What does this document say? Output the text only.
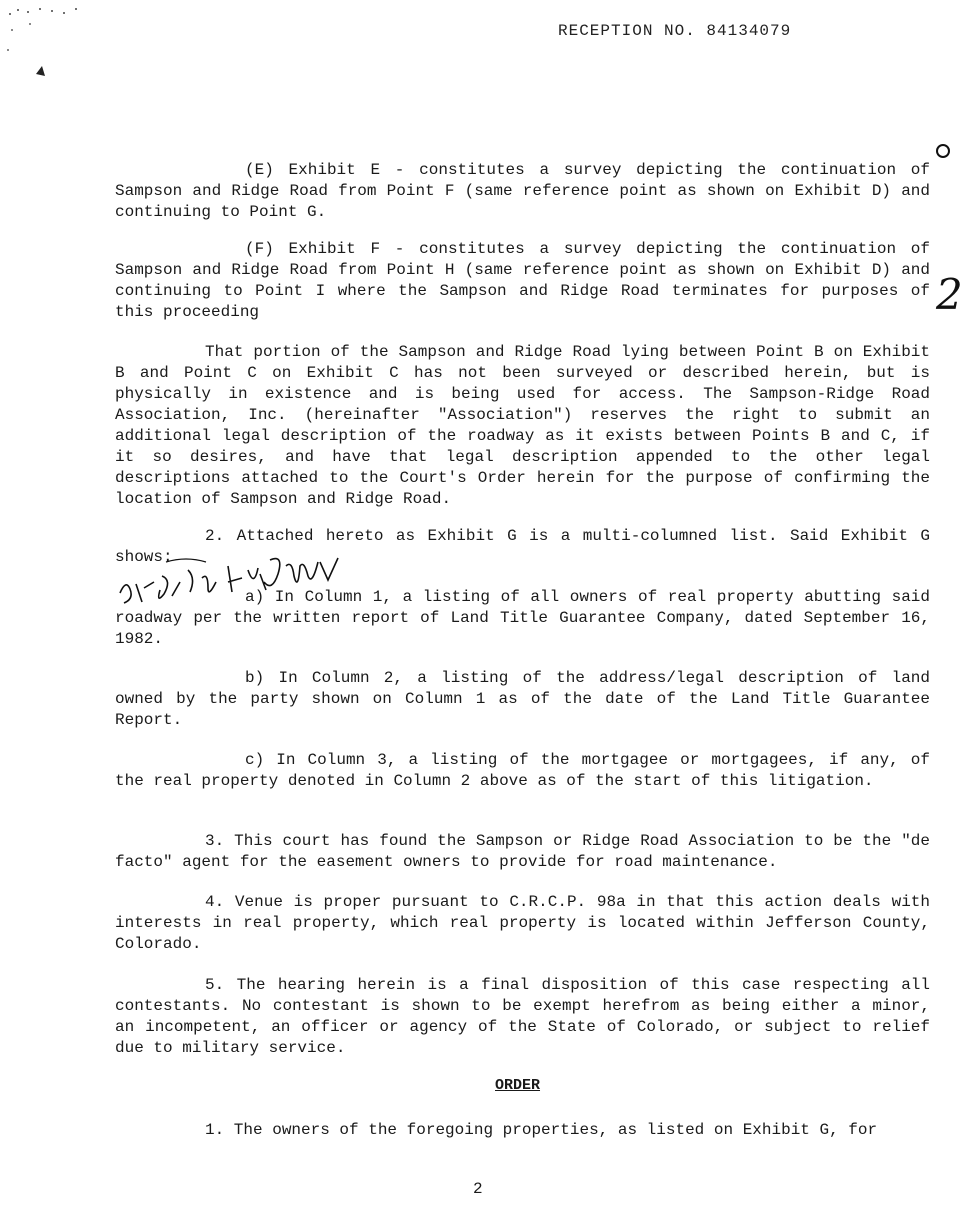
RECEPTION NO. 84134079

(E) Exhibit E - constitutes a survey depicting the continuation of Sampson and Ridge Road from Point F (same reference point as shown on Exhibit D) and continuing to Point G.

(F) Exhibit F - constitutes a survey depicting the continuation of Sampson and Ridge Road from Point H (same reference point as shown on Exhibit D) and continuing to Point I where the Sampson and Ridge Road terminates for purposes of this proceeding	2

That portion of the Sampson and Ridge Road lying between Point B on Exhibit B and Point C on Exhibit C has not been surveyed or described herein, but is physically in existence and is being used for access. The Sampson-Ridge Road Association, Inc. (hereinafter "Association") reserves the right to submit an additional legal description of the roadway as it exists between Points B and C, if it so desires, and have that legal description appended to the other legal descriptions attached to the Court's Order herein for the purpose of confirming the location of Sampson and Ridge Road.

2. Attached hereto as Exhibit G is a multi-columned list. Said Exhibit G shows:

a) In Column 1, a listing of all owners of real property abutting said roadway per the written report of Land Title Guarantee Company, dated September 16, 1982.

b) In Column 2, a listing of the address/legal description of land owned by the party shown on Column 1 as of the date of the Land Title Guarantee Report.

c) In Column 3, a listing of the mortgagee or mortgagees, if any, of the real property denoted in Column 2 above as of the start of this litigation.

3. This court has found the Sampson or Ridge Road Association to be the "de facto" agent for the easement owners to provide for road maintenance.

4. Venue is proper pursuant to C.R.C.P. 98a in that this action deals with interests in real property, which real property is located within Jefferson County, Colorado.

5. The hearing herein is a final disposition of this case respecting all contestants. No contestant is shown to be exempt herefrom as being either a minor, an incompetent, an officer or agency of the State of Colorado, or subject to relief due to military service.

ORDER

1. The owners of the foregoing properties, as listed on Exhibit G, for

2
